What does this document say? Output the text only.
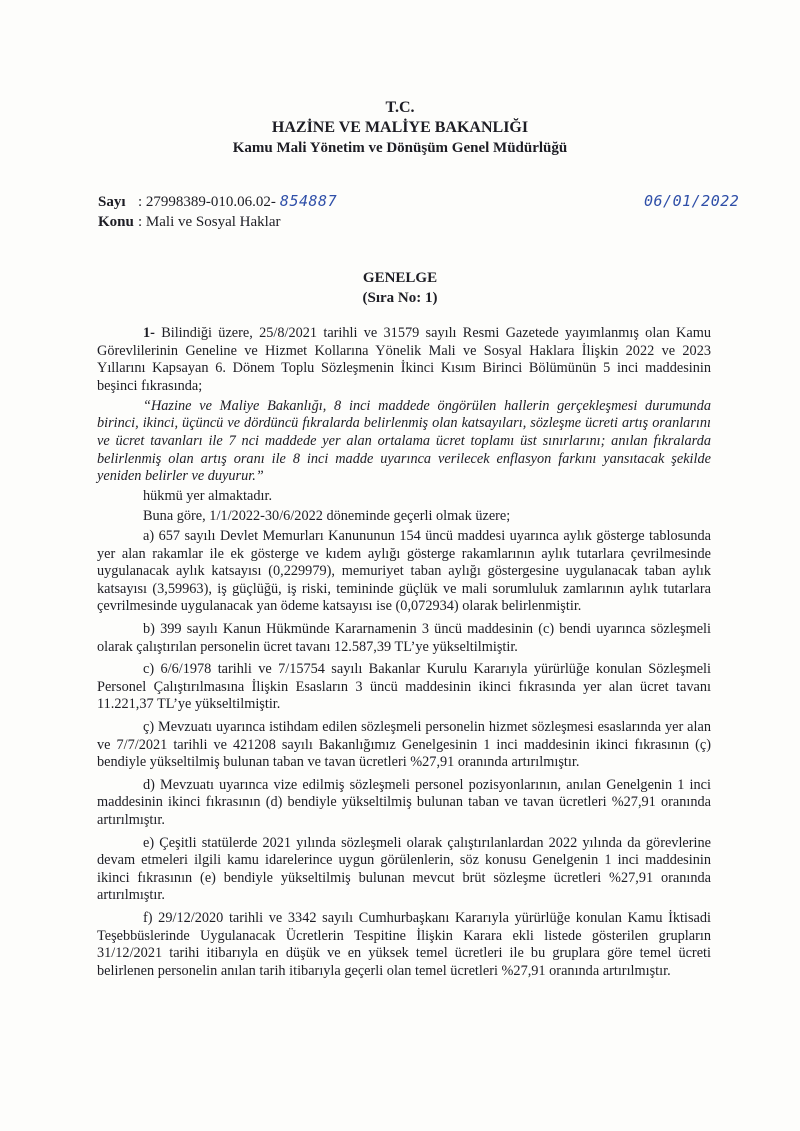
T.C.
HAZİNE VE MALİYE BAKANLIĞI
Kamu Mali Yönetim ve Dönüşüm Genel Müdürlüğü
Sayı : 27998389-010.06.02- 854887
Konu : Mali ve Sosyal Haklar
06/01/2022
GENELGE
(Sıra No: 1)

1- Bilindiği üzere, 25/8/2021 tarihli ve 31579 sayılı Resmi Gazetede yayımlanmış olan Kamu Görevlilerinin Geneline ve Hizmet Kollarına Yönelik Mali ve Sosyal Haklara İlişkin 2022 ve 2023 Yıllarını Kapsayan 6. Dönem Toplu Sözleşmenin İkinci Kısım Birinci Bölümünün 5 inci maddesinin beşinci fıkrasında;

“Hazine ve Maliye Bakanlığı, 8 inci maddede öngörülen hallerin gerçekleşmesi durumunda birinci, ikinci, üçüncü ve dördüncü fıkralarda belirlenmiş olan katsayıları, sözleşme ücreti artış oranlarını ve ücret tavanları ile 7 nci maddede yer alan ortalama ücret toplamı üst sınırlarını; anılan fıkralarda belirlenmiş olan artış oranı ile 8 inci madde uyarınca verilecek enflasyon farkını yansıtacak şekilde yeniden belirler ve duyurur.”

hükmü yer almaktadır.

Buna göre, 1/1/2022-30/6/2022 döneminde geçerli olmak üzere;

a) 657 sayılı Devlet Memurları Kanununun 154 üncü maddesi uyarınca aylık gösterge tablosunda yer alan rakamlar ile ek gösterge ve kıdem aylığı gösterge rakamlarının aylık tutarlara çevrilmesinde uygulanacak aylık katsayısı (0,229979), memuriyet taban aylığı göstergesine uygulanacak taban aylık katsayısı (3,59963), iş güçlüğü, iş riski, temininde güçlük ve mali sorumluluk zamlarının aylık tutarlara çevrilmesinde uygulanacak yan ödeme katsayısı ise (0,072934) olarak belirlenmiştir.

b) 399 sayılı Kanun Hükmünde Kararnamenin 3 üncü maddesinin (c) bendi uyarınca sözleşmeli olarak çalıştırılan personelin ücret tavanı 12.587,39 TL’ye yükseltilmiştir.

c) 6/6/1978 tarihli ve 7/15754 sayılı Bakanlar Kurulu Kararıyla yürürlüğe konulan Sözleşmeli Personel Çalıştırılmasına İlişkin Esasların 3 üncü maddesinin ikinci fıkrasında yer alan ücret tavanı 11.221,37 TL’ye yükseltilmiştir.

ç) Mevzuatı uyarınca istihdam edilen sözleşmeli personelin hizmet sözleşmesi esaslarında yer alan ve 7/7/2021 tarihli ve 421208 sayılı Bakanlığımız Genelgesinin 1 inci maddesinin ikinci fıkrasının (ç) bendiyle yükseltilmiş bulunan taban ve tavan ücretleri %27,91 oranında artırılmıştır.

d) Mevzuatı uyarınca vize edilmiş sözleşmeli personel pozisyonlarının, anılan Genelgenin 1 inci maddesinin ikinci fıkrasının (d) bendiyle yükseltilmiş bulunan taban ve tavan ücretleri %27,91 oranında artırılmıştır.

e) Çeşitli statülerde 2021 yılında sözleşmeli olarak çalıştırılanlardan 2022 yılında da görevlerine devam etmeleri ilgili kamu idarelerince uygun görülenlerin, söz konusu Genelgenin 1 inci maddesinin ikinci fıkrasının (e) bendiyle yükseltilmiş bulunan mevcut brüt sözleşme ücretleri %27,91 oranında artırılmıştır.

f) 29/12/2020 tarihli ve 3342 sayılı Cumhurbaşkanı Kararıyla yürürlüğe konulan Kamu İktisadi Teşebbüslerinde Uygulanacak Ücretlerin Tespitine İlişkin Karara ekli listede gösterilen grupların 31/12/2021 tarihi itibarıyla en düşük ve en yüksek temel ücretleri ile bu gruplara göre temel ücreti belirlenen personelin anılan tarih itibarıyla geçerli olan temel ücretleri %27,91 oranında artırılmıştır.
